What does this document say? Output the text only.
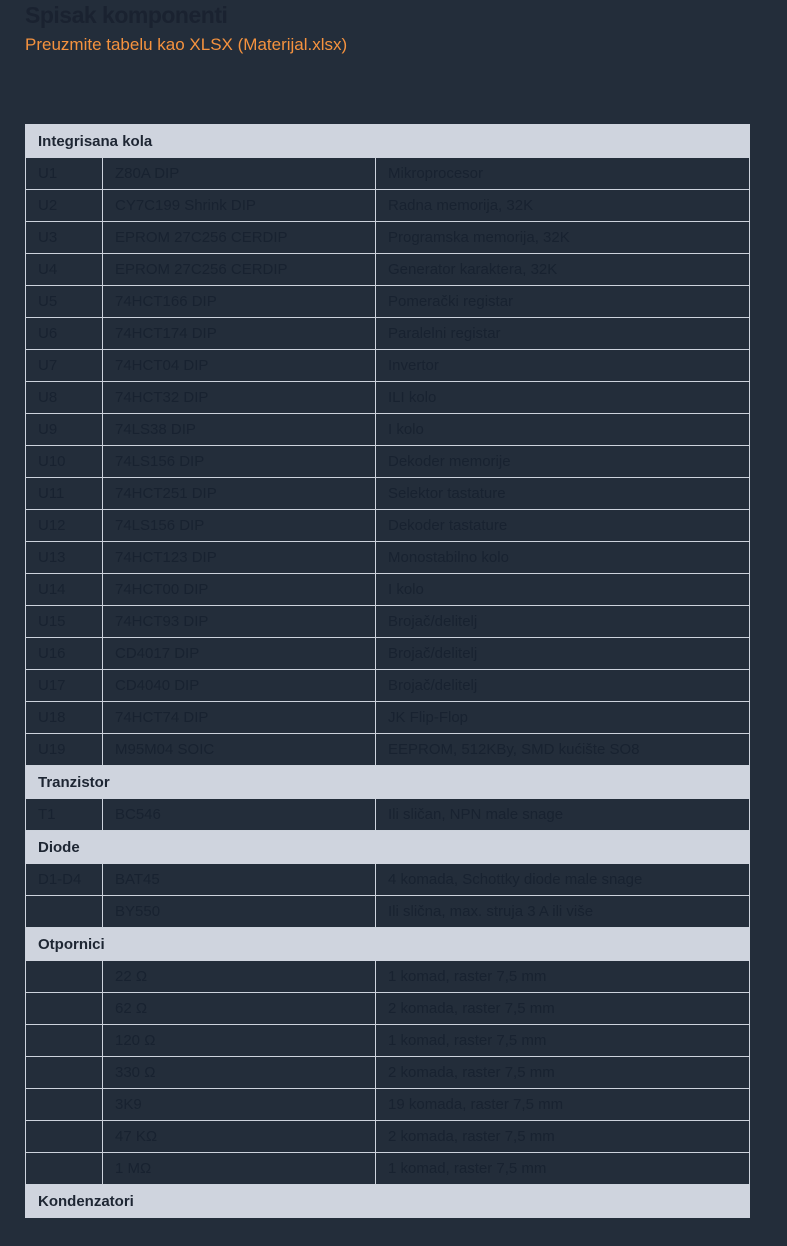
Spisak komponenti
Preuzmite tabelu kao XLSX (Materijal.xlsx)
Integrisana kola		
U1	Z80A DIP	Mikroprocesor
U2	CY7C199 Shrink DIP	Radna memorija, 32K
U3	EPROM 27C256 CERDIP	Programska memorija, 32K
U4	EPROM 27C256 CERDIP	Generator karaktera, 32K
U5	74HCT166 DIP	Pomerački registar
U6	74HCT174 DIP	Paralelni registar
U7	74HCT04 DIP	Invertor
U8	74HCT32 DIP	ILI kolo
U9	74LS38 DIP	I kolo
U10	74LS156 DIP	Dekoder memorije
U11	74HCT251 DIP	Selektor tastature
U12	74LS156 DIP	Dekoder tastature
U13	74HCT123 DIP	Monostabilno kolo
U14	74HCT00 DIP	I kolo
U15	74HCT93 DIP	Brojač/delitelj
U16	CD4017 DIP	Brojač/delitelj
U17	CD4040 DIP	Brojač/delitelj
U18	74HCT74 DIP	JK Flip-Flop
U19	M95M04 SOIC	EEPROM, 512KBy, SMD kućište SO8
Tranzistor		
T1	BC546	Ili sličan, NPN male snage
Diode		
D1-D4	BAT45	4 komada, Schottky diode male snage
	BY550	Ili slična, max. struja 3 A ili više
Otpornici		
	22 Ω	1 komad, raster 7,5 mm
	62 Ω	2 komada, raster 7,5 mm
	120 Ω	1 komad, raster 7,5 mm
	330 Ω	2 komada, raster 7,5 mm
	3K9	19 komada, raster 7,5 mm
	47 KΩ	2 komada, raster 7,5 mm
	1 MΩ	1 komad, raster 7,5 mm
Kondenzatori		
